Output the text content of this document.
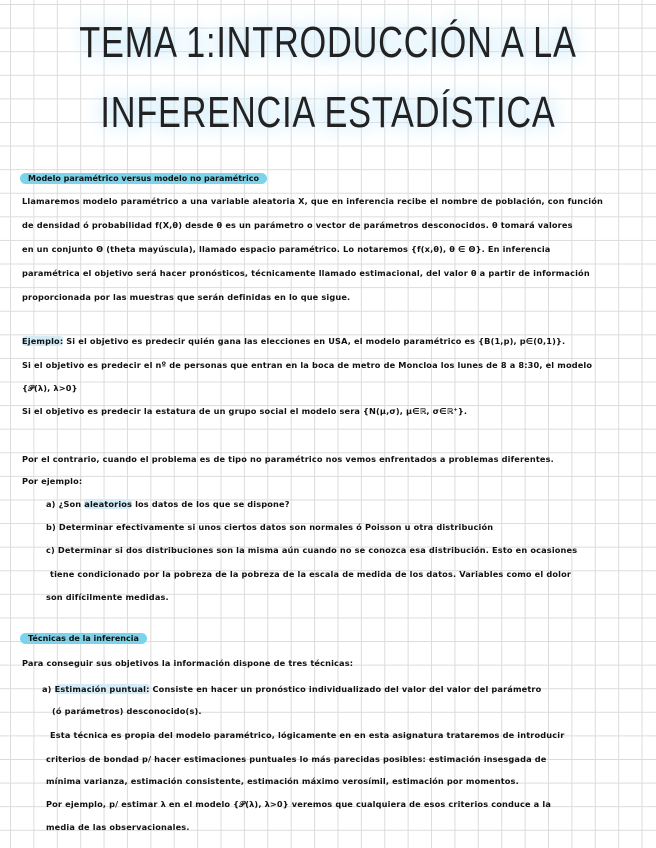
TEMA 1:INTRODUCCIÓN A LA
INFERENCIA ESTADÍSTICA
Modelo paramétrico versus modelo no paramétrico
Llamaremos modelo paramétrico a una variable aleatoria X, que en inferencia recibe el nombre de población, con función
de densidad ó probabilidad f(X,θ) desde θ es un parámetro o vector de parámetros desconocidos. θ tomará valores
en un conjunto Θ (theta mayúscula), llamado espacio paramétrico. Lo notaremos {f(x,θ), θ ∈ Θ}. En inferencia
paramétrica el objetivo será hacer pronósticos, técnicamente llamado estimacional, del valor θ a partir de información
proporcionada por las muestras que serán definidas en lo que sigue.
Ejemplo: Si el objetivo es predecir quién gana las elecciones en USA, el modelo paramétrico es {B(1,p), p∈(0,1)}.
Si el objetivo es predecir el nº de personas que entran en la boca de metro de Moncloa los lunes de 8 a 8:30, el modelo
{𝒫(λ), λ>0}
Si el objetivo es predecir la estatura de un grupo social el modelo sera {N(μ,σ), μ∈ℝ, σ∈ℝ⁺}.
Por el contrario, cuando el problema es de tipo no paramétrico nos vemos enfrentados a problemas diferentes.
Por ejemplo:
a) ¿Son aleatorios los datos de los que se dispone?
b) Determinar efectivamente si unos ciertos datos son normales ó Poisson u otra distribución
c) Determinar si dos distribuciones son la misma aún cuando no se conozca esa distribución. Esto en ocasiones
tiene condicionado por la pobreza de la pobreza de la escala de medida de los datos. Variables como el dolor
son difícilmente medidas.
Técnicas de la inferencia
Para conseguir sus objetivos la información dispone de tres técnicas:
a) Estimación puntual: Consiste en hacer un pronóstico individualizado del valor del valor del parámetro
(ó parámetros) desconocido(s).
Esta técnica es propia del modelo paramétrico, lógicamente en en esta asignatura trataremos de introducir
criterios de bondad p/ hacer estimaciones puntuales lo más parecidas posibles: estimación insesgada de
mínima varianza, estimación consistente, estimación máximo verosímil, estimación por momentos.
Por ejemplo, p/ estimar λ en el modelo {𝒫(λ), λ>0} veremos que cualquiera de esos criterios conduce a la
media de las observacionales.
